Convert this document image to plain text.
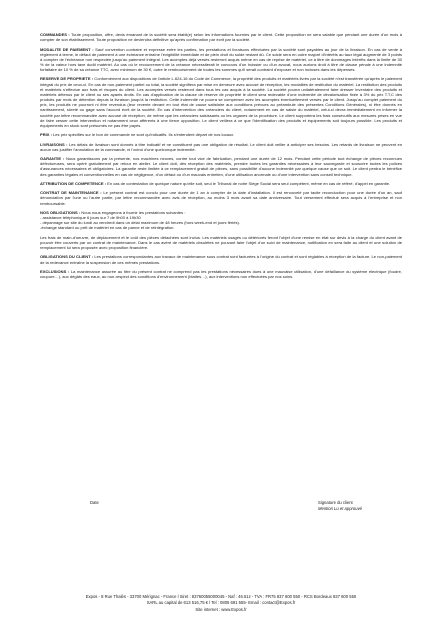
COMMANDES : Toute proposition, offre, devis émanant de la société sera établi(e) selon les informations fournies par le client. Cette proposition ne sera valable que pendant une durée d'un mois à compter de son établissement. Toute proposition ne deviendra définitive qu'après confirmation par écrit par la société.

MODALITE DE PAIEMENT : Sauf convention contraire et expresse entre les parties, les prestations et livraisons effectuées par la société sont payables au jour de la livraison. En cas de vente à règlement à terme, le défaut de paiement à une échéance entraîne l'exigibilité immédiate et de plein droit du solde restant dû. Ce solde sera en outre majoré d'intérêts au taux légal augmenté de 3 points à compter de l'échéance non respectée jusqu'au paiement intégral. Les acomptes déjà versés resteront acquis même en cas de reprise de matériel, ce à titre de dommages intérêts dans la limite de 30 % de la valeur hors taxe dudit matériel. Au cas où le recouvrement de la créance nécessiterait le concours d'un huissier ou d'un avocat, nous aurions droit à titre de clause pénale à une indemnité forfaitaire de 10 % de sa créance TTC, avec minimum de 30 €, outre le remboursement de toutes les sommes qu'il serait contraint d'exposer et non incluses dans les dépenses.

RESERVE DE PROPRIETE : Conformément aux dispositions de l'article L.624-16 du Code de Commerce, la propriété des produits et matériels livrés par la société n'est transférée qu'après le paiement intégral du prix de ceux-ci. En cas de non-paiement partiel ou total, la société signifiera par mise en demeure avec accusé de réception, les modalités de restitution du matériel. La restitution des produits et matériels s'effectue aux frais et risques du client. Les acomptes versés resteront dans tous les cas acquis à la société. La société pourra unilatéralement faire dresser inventaire des produits et matériels détenus par le client ou ses ayants droits. En cas d'application de la clause de réserve de propriété le client sera redevable d'une indemnité de dévalorisation fixée à 3% du prix T.T.C des produits par mois de détention depuis la livraison jusqu'à la restitution. Cette indemnité ne pourra se compenser avec les acomptes éventuellement versés par le client. Jusqu'au complet paiement du prix, les produits ne pourront ni être revendus (leur revente devant en tout état de cause satisfaire aux conditions prévues au préambule des présentes Conditions Générales), ni être donnés en nantissement, sûreté ou gage sans l'accord écrit de la société. En cas d'intervention des créanciers du client, notamment en cas de saisie du matériel, celui-ci devra immédiatement en informer la société par lettre recommandée avec accusé de réception, de même que les créanciers saisissants ou les organes de la procédure. Le client supportera les frais consécutifs aux mesures prises en vue de faire cesser cette intervention et notamment ceux afférents à une tierce opposition. Le client veillera à ce que l'identification des produits et équipements soit toujours possible. Les produits et équipements en stock sont présumés ne pas être payés.

PRIX : Les prix spécifiés sur le bon de commande ne sont qu'indicatifs. Ils s'entendent départ de nos locaux.

LIVRAISONS : Les délais de livraison sont donnés à titre indicatif et ne constituent pas une obligation de résultat. Le client doit veiller à anticiper ses besoins. Les retards de livraison ne peuvent en aucun cas justifier l'annulation de la commande, ni l'octroi d'une quelconque indemnité.

GARANTIE : Nous garantissons par la présente, nos machines neuves, contre tout vice de fabrication, pendant une durée de 12 mois. Pendant cette période tout échange de pièces reconnues défectueuses, sera opéré gratuitement par retour en atelier. Le client doit, dès réception des matériels, prendre toutes les garanties nécessaires à leur sauvegarde et souscrire toutes les polices d'assurances nécessaires et obligatoires. La garantie reste limitée à ce remplacement gratuit de pièces, sans possibilité d'aucune indemnité par quelque cause que ce soit. Le client perdra le bénéfice des garanties légales et conventionnelles en cas de négligence, d'un défaut ou d'un mauvais entretien, d'une utilisation anormale ou d'une intervention sans conseil technique.

ATTRIBUTION DE COMPETENCE : En cas de contestation de quelque nature qu'elle soit, seul le Tribunal de notre Siège Social sera seul compétent, même en cas de référé, d'appel en garantie.

CONTRAT DE MAINTENANCE : Le présent contrat est conclu pour une durée de 1 an à compter de la date d'installation. Il est renouvelé par tacite reconduction pour une durée d'un an, sauf dénonciation par l'une ou l'autre partie, par lettre recommandée avec avis de réception, au moins 3 mois avant sa date anniversaire. Tout versement effectué sera acquis à l'entreprise et non remboursable.

NOS OBLIGATIONS : Nous nous engageons à fournir les prestations suivantes :
- assistance téléphonique 6 jours sur 7 de 9h00 à 19h30
- dépannage sur site du lundi au vendredi dans un délai maximum de 48 heures (hors week-end et jours fériés).
-échange standard ou prêt de matériel en cas de panne et de réintégration.

Les frais de main-d'oeuvre, de déplacement et le coût des pièces détachées sont inclus. Les matériels usagés ou détériorés feront l'objet d'une remise en état sur devis à la charge du client avant de pouvoir être couverts par un contrat de maintenance. Dans le cas avéré de matériels obsolètes ne pouvant faire l'objet d'un suivi de maintenance, notification en sera faite au client et une solution de remplacement lui sera proposée avec proposition financière.

OBLIGATIONS DU CLIENT : Les prestations correspondantes aux travaux de maintenance sous contrat sont facturées à l'origine du contrat et sont réglables à réception de la facture. Le non-paiement de la redevance entraîne la suspension de ces mêmes prestations.

EXCLUSIONS : La maintenance assurée au titre du présent contrat ne comprend pas les prestations nécessaires dues à une mauvaise utilisation, d'une défaillance du système électrique (foudre, coupure…), aux dégâts des eaux, au non-respect des conditions d'environnement (blattes…), aux interventions non effectuées par nos soins.

Date	Signature du client
Mention Lu et approuvé
Expos - 8 Rue Thalès - 33700 Mérignac - France l Siret : 83760055000045 - Naf : 46.51z - TVA : FR75 837 600 550 - RCS Bordeaux 837 600 550
SARL au capital de 613 516,75 € l Tel : 0805 691 555- Email : contact@Expos.fr
Site internet : www.Expos.fr
